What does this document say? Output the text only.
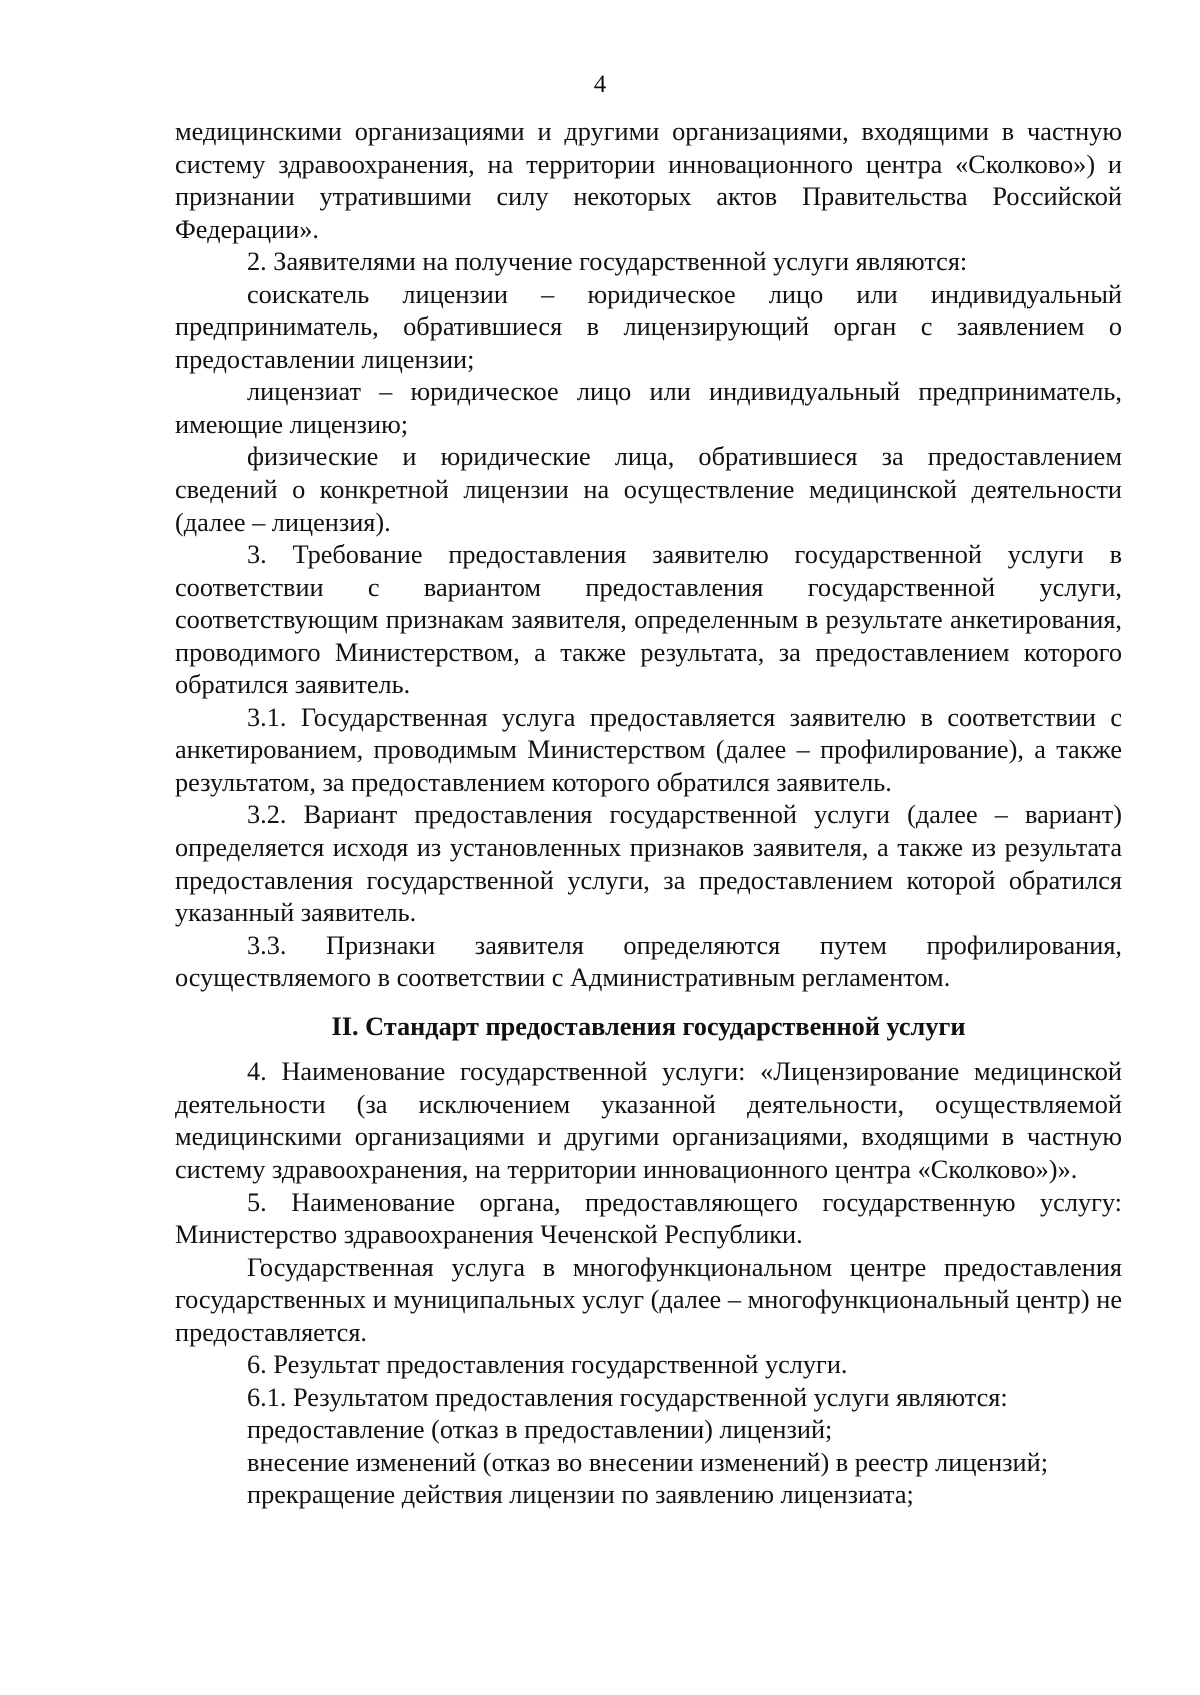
4

медицинскими организациями и другими организациями, входящими в частную систему здравоохранения, на территории инновационного центра «Сколково») и признании утратившими силу некоторых актов Правительства Российской Федерации».

2. Заявителями на получение государственной услуги являются:

соискатель лицензии – юридическое лицо или индивидуальный предприниматель, обратившиеся в лицензирующий орган с заявлением о предоставлении лицензии;

лицензиат – юридическое лицо или индивидуальный предприниматель, имеющие лицензию;

физические и юридические лица, обратившиеся за предоставлением сведений о конкретной лицензии на осуществление медицинской деятельности (далее – лицензия).

3. Требование предоставления заявителю государственной услуги в соответствии с вариантом предоставления государственной услуги, соответствующим признакам заявителя, определенным в результате анкетирования, проводимого Министерством, а также результата, за предоставлением которого обратился заявитель.

3.1. Государственная услуга предоставляется заявителю в соответствии с анкетированием, проводимым Министерством (далее – профилирование), а также результатом, за предоставлением которого обратился заявитель.

3.2. Вариант предоставления государственной услуги (далее – вариант) определяется исходя из установленных признаков заявителя, а также из результата предоставления государственной услуги, за предоставлением которой обратился указанный заявитель.

3.3. Признаки заявителя определяются путем профилирования, осуществляемого в соответствии с Административным регламентом.

II. Стандарт предоставления государственной услуги

4. Наименование государственной услуги: «Лицензирование медицинской деятельности (за исключением указанной деятельности, осуществляемой медицинскими организациями и другими организациями, входящими в частную систему здравоохранения, на территории инновационного центра «Сколково»)».

5. Наименование органа, предоставляющего государственную услугу: Министерство здравоохранения Чеченской Республики.

Государственная услуга в многофункциональном центре предоставления государственных и муниципальных услуг (далее – многофункциональный центр) не предоставляется.

6. Результат предоставления государственной услуги.

6.1. Результатом предоставления государственной услуги являются:

предоставление (отказ в предоставлении) лицензий;

внесение изменений (отказ во внесении изменений) в реестр лицензий;

прекращение действия лицензии по заявлению лицензиата;
